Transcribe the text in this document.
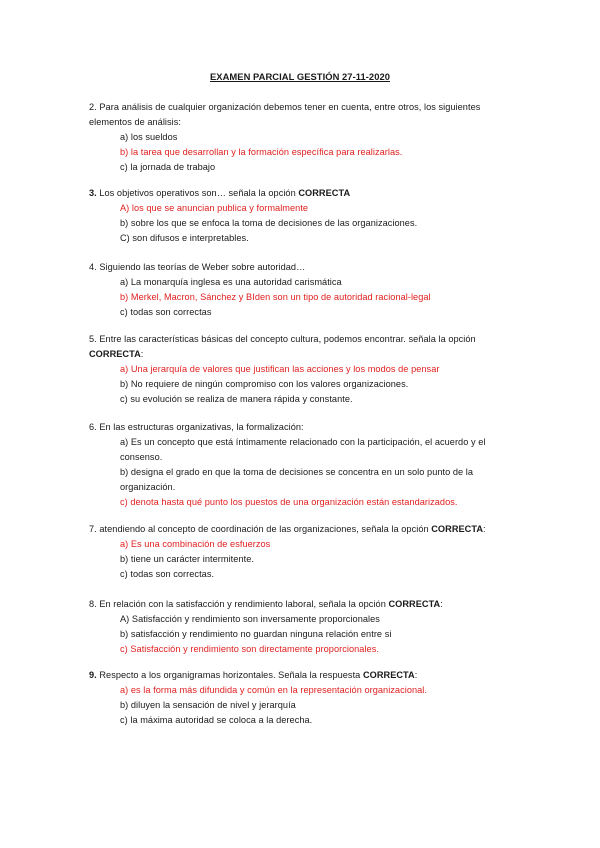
EXAMEN PARCIAL GESTIÓN 27-11-2020

2. Para análisis de cualquier organización debemos tener en cuenta, entre otros, los siguientes elementos de análisis:

a) los sueldos

b) la tarea que desarrollan y la formación específica para realizarlas.

c) la jornada de trabajo

3. Los objetivos operativos son… señala la opción CORRECTA

A) los que se anuncian publica y formalmente

b) sobre los que se enfoca la toma de decisiones de las organizaciones.

C) son difusos e interpretables.

4. Siguiendo las teorías de Weber sobre autoridad…

a) La monarquía inglesa es una autoridad carismática

b) Merkel, Macron, Sánchez y BIden son un tipo de autoridad racional-legal

c) todas son correctas

5. Entre las características básicas del concepto cultura, podemos encontrar. señala la opción CORRECTA:

a) Una jerarquía de valores que justifican las acciones y los modos de pensar

b) No requiere de ningún compromiso con los valores organizaciones.

c) su evolución se realiza de manera rápida y constante.

6. En las estructuras organizativas, la formalización:

a) Es un concepto que está íntimamente relacionado con la participación, el acuerdo y el consenso.

b) designa el grado en que la toma de decisiones se concentra en un solo punto de la organización.

c) denota hasta qué punto los puestos de una organización están estandarizados.

7. atendiendo al concepto de coordinación de las organizaciones, señala la opción CORRECTA:

a) Es una combinación de esfuerzos

b) tiene un carácter intermitente.

c) todas son correctas.

8. En relación con la satisfacción y rendimiento laboral, señala la opción CORRECTA:

A) Satisfacción y rendimiento son inversamente proporcionales

b) satisfacción y rendimiento no guardan ninguna relación entre si

c) Satisfacción y rendimiento son directamente proporcionales.

9. Respecto a los organigramas horizontales. Señala la respuesta CORRECTA:

a) es la forma más difundida y común en la representación organizacional.

b) diluyen la sensación de nivel y jerarquía

c) la máxima autoridad se coloca a la derecha.
